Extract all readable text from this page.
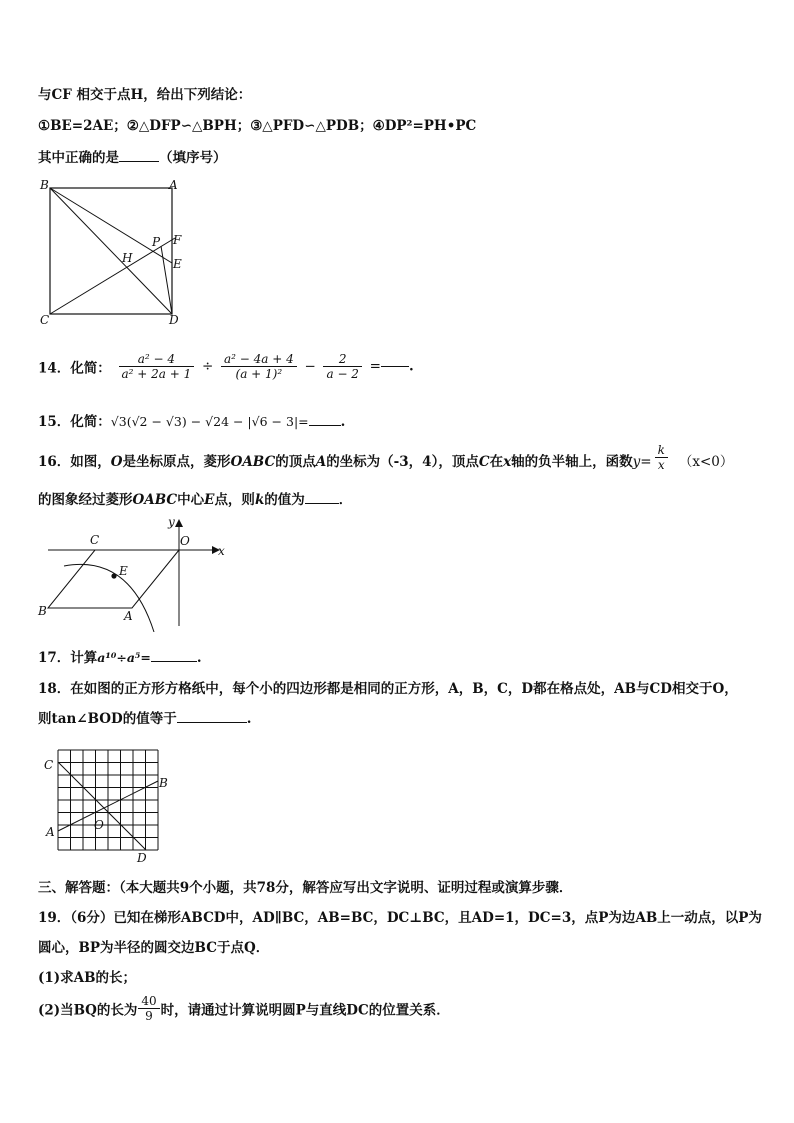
与CF 相交于点H，给出下列结论：
①BE=2AE；②△DFP∽△BPH；③△PFD∽△PDB；④DP²=PH•PC
其中正确的是	（填序号）
B	A
C	D
P F
E
H
14．化简： $\frac{\text{a² − 4}}{\text{a² + 2a + 1}} \div \frac{\text{a² − 4a + 4}}{\text{(a + 1)²}} - \frac{2}{a - 2}$ = .
15．化简：√3(√2 − √3) − √24 − |√6 − 3|= .
16．如图，O是坐标原点，菱形OABC的顶点A的坐标为（-3，4），顶点C在x轴的负半轴上，函数$y= \frac{k}{x} (x<0)$
的图象经过菱形OABC中心E点，则k的值为	．
C	O
E
B	A
x
y
17．计算a¹⁰÷a⁵=	.
18．在如图的正方形方格纸中，每个小的四边形都是相同的正方形，A，B，C，D都在格点处，AB与CD相交于O，
则tan∠BOD的值等于	.
C
B
O
A
D
三、解答题：（本大题共9个小题，共78分，解答应写出文字说明、证明过程或演算步骤．
19．（6分）已知在梯形ABCD中，AD∥BC，AB=BC，DC⊥BC，且AD=1，DC=3，点P为边AB上一动点，以P为
圆心，BP为半径的圆交边BC于点Q．
(1)求AB的长；
(2)当BQ的长为 $\frac{40}{9}$ 时，请通过计算说明圆P与直线DC的位置关系．
